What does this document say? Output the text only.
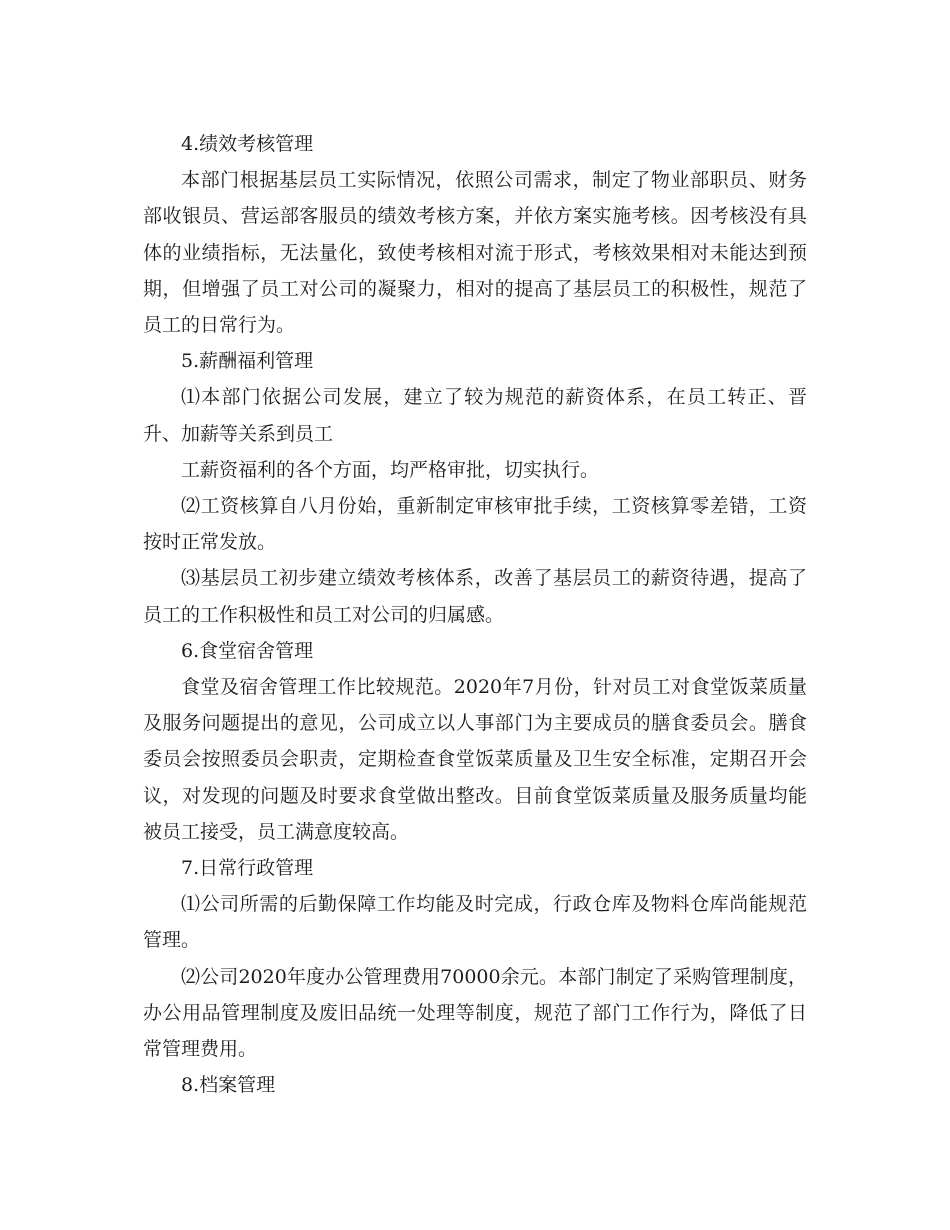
4.绩效考核管理

本部门根据基层员工实际情况，依照公司需求，制定了物业部职员、财务部收银员、营运部客服员的绩效考核方案，并依方案实施考核。因考核没有具体的业绩指标，无法量化，致使考核相对流于形式，考核效果相对未能达到预期，但增强了员工对公司的凝聚力，相对的提高了基层员工的积极性，规范了员工的日常行为。

5.薪酬福利管理

⑴本部门依据公司发展，建立了较为规范的薪资体系，在员工转正、晋升、加薪等关系到员工

工薪资福利的各个方面，均严格审批，切实执行。

⑵工资核算自八月份始，重新制定审核审批手续，工资核算零差错，工资按时正常发放。

⑶基层员工初步建立绩效考核体系，改善了基层员工的薪资待遇，提高了员工的工作积极性和员工对公司的归属感。

6.食堂宿舍管理

食堂及宿舍管理工作比较规范。2020年7月份，针对员工对食堂饭菜质量及服务问题提出的意见，公司成立以人事部门为主要成员的膳食委员会。膳食委员会按照委员会职责，定期检查食堂饭菜质量及卫生安全标准，定期召开会议，对发现的问题及时要求食堂做出整改。目前食堂饭菜质量及服务质量均能被员工接受，员工满意度较高。

7.日常行政管理

⑴公司所需的后勤保障工作均能及时完成，行政仓库及物料仓库尚能规范管理。

⑵公司2020年度办公管理费用70000余元。本部门制定了采购管理制度，办公用品管理制度及废旧品统一处理等制度，规范了部门工作行为，降低了日常管理费用。

8.档案管理
